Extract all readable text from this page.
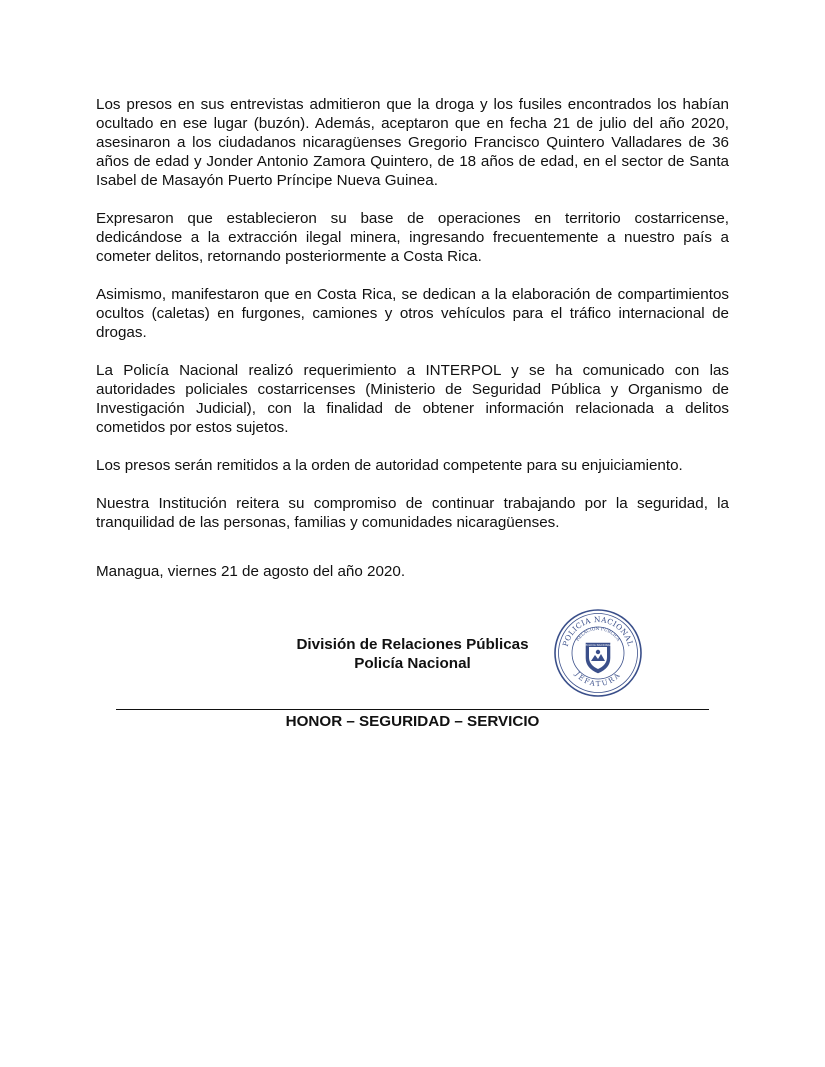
Los presos en sus entrevistas admitieron que la droga y los fusiles encontrados los habían ocultado en ese lugar (buzón). Además, aceptaron que en fecha 21 de julio del año 2020, asesinaron a los ciudadanos nicaragüenses Gregorio Francisco Quintero Valladares de 36 años de edad y Jonder Antonio Zamora Quintero, de 18 años de edad, en el sector de Santa Isabel de Masayón Puerto Príncipe Nueva Guinea.

Expresaron que establecieron su base de operaciones en territorio costarricense, dedicándose a la extracción ilegal minera, ingresando frecuentemente a nuestro país a cometer delitos, retornando posteriormente a Costa Rica.

Asimismo, manifestaron que en Costa Rica, se dedican a la elaboración de compartimientos ocultos (caletas) en furgones, camiones y otros vehículos para el tráfico internacional de drogas.

La Policía Nacional realizó requerimiento a INTERPOL y se ha comunicado con las autoridades policiales costarricenses (Ministerio de Seguridad Pública y Organismo de Investigación Judicial), con la finalidad de obtener información relacionada a delitos cometidos por estos sujetos.

Los presos serán remitidos a la orden de autoridad competente para su enjuiciamiento.

Nuestra Institución reitera su compromiso de continuar trabajando por la seguridad, la tranquilidad de las personas, familias y comunidades nicaragüenses.

Managua, viernes 21 de agosto del año 2020.
División de Relaciones Públicas
Policía Nacional
POLICIA NACIONAL
RELACION PUBLICA
JEFATURA
POLICIA NACIONAL
HONOR – SEGURIDAD – SERVICIO
